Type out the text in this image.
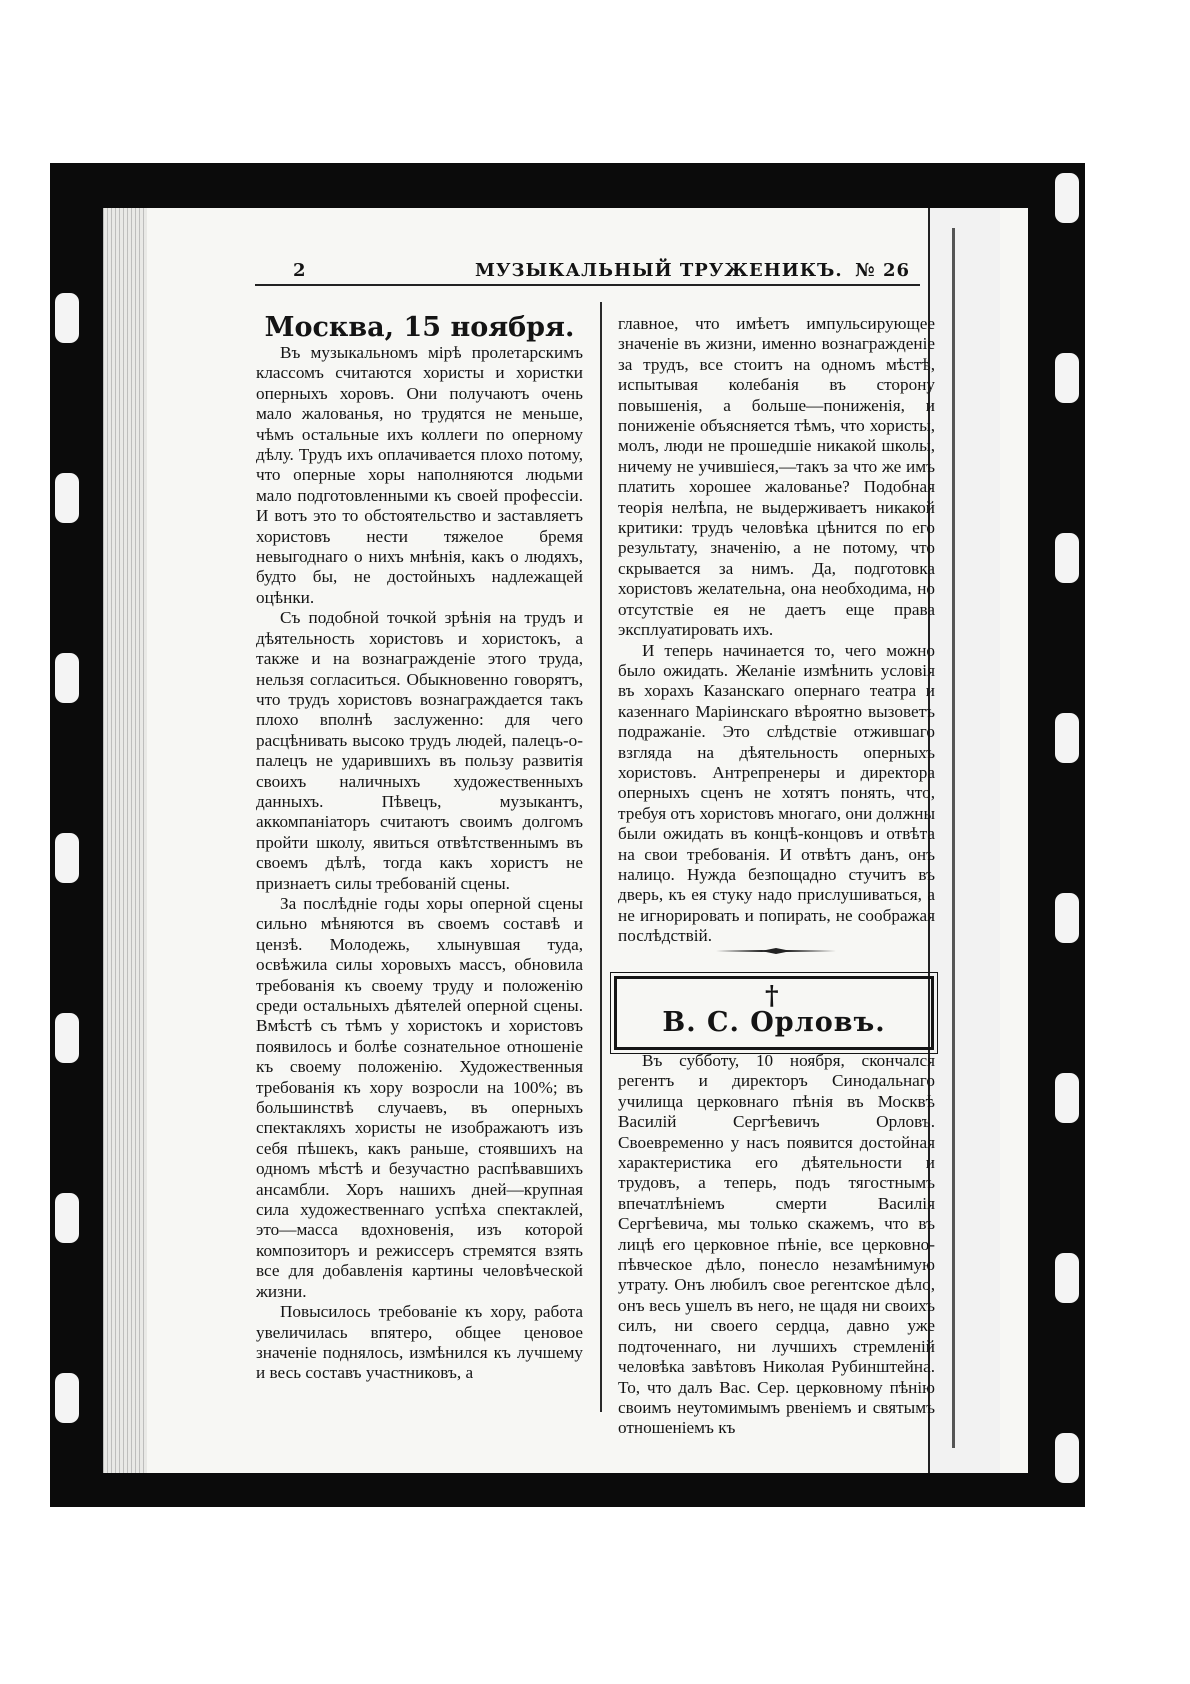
2	МУЗЫКАЛЬНЫЙ ТРУЖЕНИКЪ. № 26
Москва, 15 ноября.

Въ музыкальномъ мірѣ пролетарскимъ классомъ считаются хористы и хористки оперныхъ хоровъ. Они получаютъ очень мало жалованья, но трудятся не меньше, чѣмъ остальные ихъ коллеги по оперному дѣлу. Трудъ ихъ оплачивается плохо потому, что оперные хоры наполняются людьми мало подготовленными къ своей профессіи. И вотъ это то обстоятельство и заставляетъ хористовъ нести тяжелое бремя невыгоднаго о нихъ мнѣнія, какъ о людяхъ, будто бы, не достойныхъ надлежащей оцѣнки.

Съ подобной точкой зрѣнія на трудъ и дѣятельность хористовъ и хористокъ, а также и на вознагражденіе этого труда, нельзя согласиться. Обыкновенно говорятъ, что трудъ хористовъ вознаграждается такъ плохо вполнѣ заслуженно: для чего расцѣнивать высоко трудъ людей, палецъ-о-палецъ не ударившихъ въ пользу развитія своихъ наличныхъ художественныхъ данныхъ. Пѣвецъ, музыкантъ, аккомпаніаторъ считаютъ своимъ долгомъ пройти школу, явиться отвѣтственнымъ въ своемъ дѣлѣ, тогда какъ хористъ не признаетъ силы требованій сцены.

За послѣдніе годы хоры оперной сцены сильно мѣняются въ своемъ составѣ и цензѣ. Молодежь, хлынувшая туда, освѣжила силы хоровыхъ массъ, обновила требованія къ своему труду и положенію среди остальныхъ дѣятелей оперной сцены. Вмѣстѣ съ тѣмъ у хористокъ и хористовъ появилось и болѣе сознательное отношеніе къ своему положенію. Художественныя требованія къ хору возросли на 100%; въ большинствѣ случаевъ, въ оперныхъ спектакляхъ хористы не изображаютъ изъ себя пѣшекъ, какъ раньше, стоявшихъ на одномъ мѣстѣ и безучастно распѣвавшихъ ансамбли. Хоръ нашихъ дней—крупная сила художественнаго успѣха спектаклей, это—масса вдохновенія, изъ которой композиторъ и режиссеръ стремятся взять все для добавленія картины человѣческой жизни.

Повысилось требованіе къ хору, работа увеличилась впятеро, общее ценовое значеніе поднялось, измѣнился къ лучшему и весь составъ участниковъ, а

главное, что имѣетъ импульсирующее значеніе въ жизни, именно вознагражденіе за трудъ, все стоитъ на одномъ мѣстѣ, испытывая колебанія въ сторону повышенія, а больше—пониженія, и пониженіе объясняется тѣмъ, что хористы, молъ, люди не прошедшіе никакой школы, ничему не учившіеся,—такъ за что же имъ платить хорошее жалованье? Подобная теорія нелѣпа, не выдерживаетъ никакой критики: трудъ человѣка цѣнится по его результату, значенію, а не потому, что скрывается за нимъ. Да, подготовка хористовъ желательна, она необходима, но отсутствіе ея не даетъ еще права эксплуатировать ихъ.

И теперь начинается то, чего можно было ожидать. Желаніе измѣнить условія въ хорахъ Казанскаго опернаго театра и казеннаго Маріинскаго вѣроятно вызоветъ подражаніе. Это слѣдствіе отжившаго взгляда на дѣятельность оперныхъ хористовъ. Антрепренеры и директора оперныхъ сценъ не хотятъ понять, что, требуя отъ хористовъ многаго, они должны были ожидать въ концѣ-концовъ и отвѣта на свои требованія. И отвѣтъ данъ, онъ налицо. Нужда безпощадно стучитъ въ дверь, къ ея стуку надо прислушиваться, а не игнорировать и попирать, не соображая послѣдствій.

†
В. С. Орловъ.

Въ субботу, 10 ноября, скончался регентъ и директоръ Синодальнаго училища церковнаго пѣнія въ Москвѣ Василій Сергѣевичъ Орловъ. Своевременно у насъ появится достойная характеристика его дѣятельности и трудовъ, а теперь, подъ тягостнымъ впечатлѣніемъ смерти Василія Сергѣевича, мы только скажемъ, что въ лицѣ его церковное пѣніе, все церковно-пѣвческое дѣло, понесло незамѣнимую утрату. Онъ любилъ свое регентское дѣло, онъ весь ушелъ въ него, не щадя ни своихъ силъ, ни своего сердца, давно уже подточеннаго, ни лучшихъ стремленій человѣка завѣтовъ Николая Рубинштейна. То, что далъ Вас. Сер. церковному пѣнію своимъ неутомимымъ рвеніемъ и святымъ отношеніемъ къ
